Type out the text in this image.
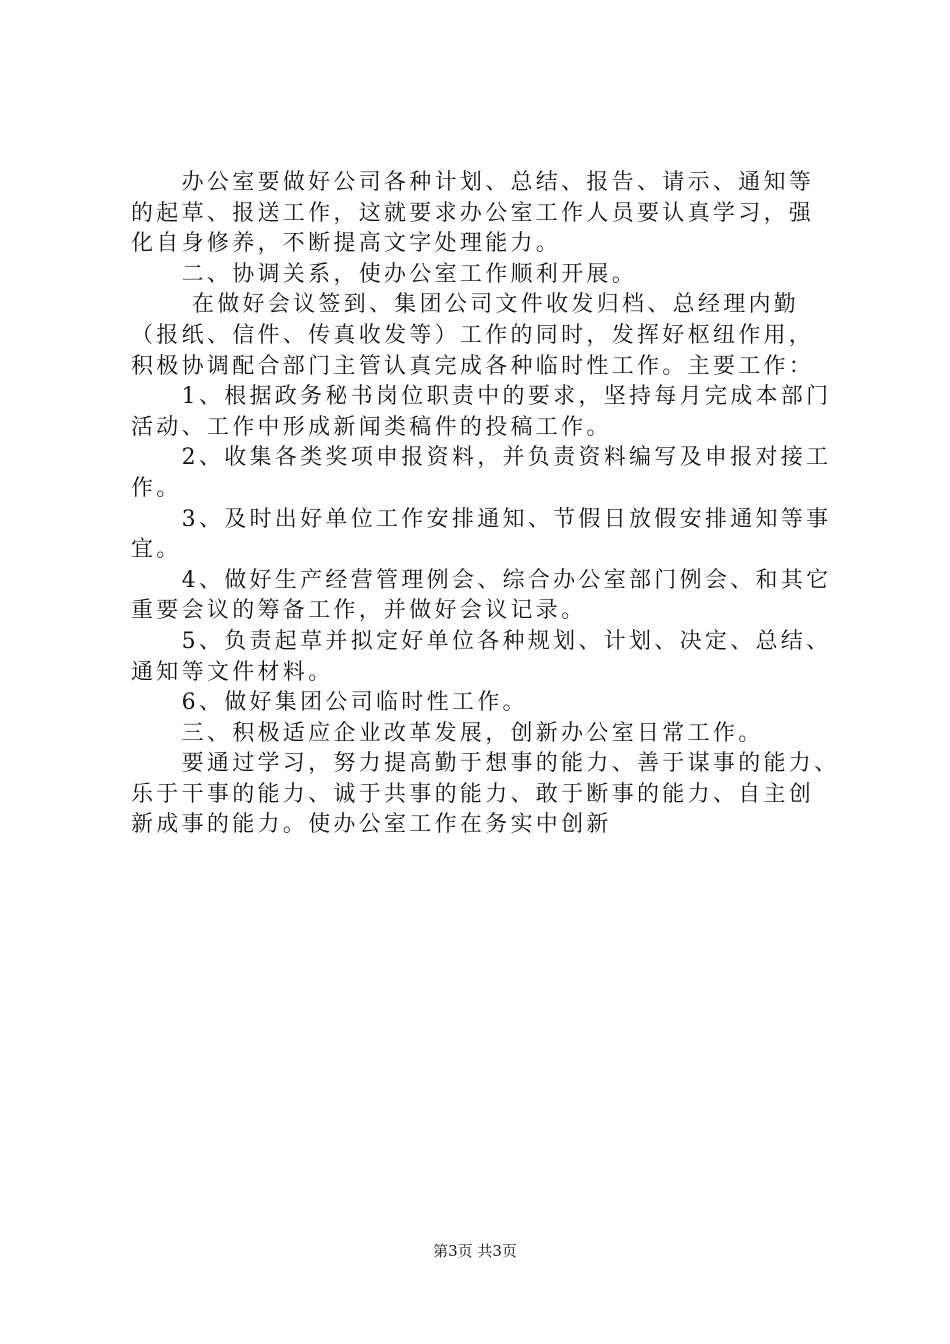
　　办公室要做好公司各种计划、总结、报告、请示、通知等
的起草、报送工作，这就要求办公室工作人员要认真学习，强
化自身修养，不断提高文字处理能力。
　　二、协调关系，使办公室工作顺利开展。
　　 在做好会议签到、集团公司文件收发归档、总经理内勤
（报纸、信件、传真收发等）工作的同时，发挥好枢纽作用，
积极协调配合部门主管认真完成各种临时性工作。主要工作：
　　1、根据政务秘书岗位职责中的要求，坚持每月完成本部门
活动、工作中形成新闻类稿件的投稿工作。
　　2、收集各类奖项申报资料，并负责资料编写及申报对接工
作。
　　3、及时出好单位工作安排通知、节假日放假安排通知等事
宜。
　　4、做好生产经营管理例会、综合办公室部门例会、和其它
重要会议的筹备工作，并做好会议记录。
　　5、负责起草并拟定好单位各种规划、计划、决定、总结、
通知等文件材料。
　　6、做好集团公司临时性工作。
　　三、积极适应企业改革发展，创新办公室日常工作。
　　要通过学习，努力提高勤于想事的能力、善于谋事的能力、
乐于干事的能力、诚于共事的能力、敢于断事的能力、自主创
新成事的能力。使办公室工作在务实中创新
第3页 共3页
